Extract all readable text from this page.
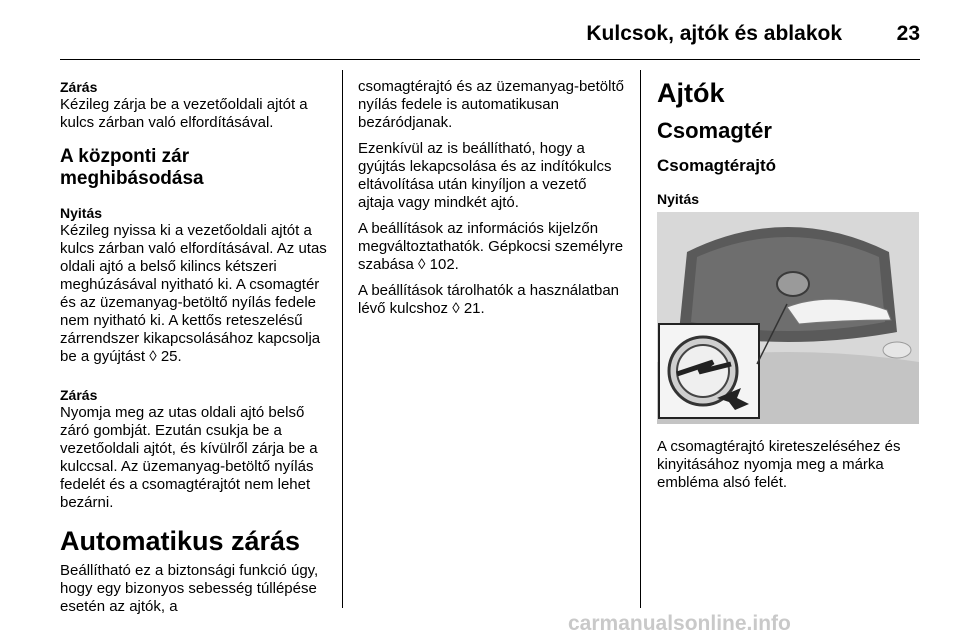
Kulcsok, ajtók és ablakok	23
Zárás

Kézileg zárja be a vezetőoldali ajtót a kulcs zárban való elfordításával.

A központi zár meghibásodása
Nyitás

Kézileg nyissa ki a vezetőoldali ajtót a kulcs zárban való elfordításával. Az utas oldali ajtó a belső kilincs kétszeri meghúzásával nyitható ki. A csomagtér és az üzemanyag-betöltő nyílás fedele nem nyitható ki. A kettős reteszelésű zárrendszer kikapcsolásához kapcsolja be a gyújtást ◊ 25.

Zárás

Nyomja meg az utas oldali ajtó belső záró gombját. Ezután csukja be a vezetőoldali ajtót, és kívülről zárja be a kulccsal. Az üzemanyag-betöltő nyílás fedelét és a csomagtérajtót nem lehet bezárni.

Automatikus zárás

Beállítható ez a biztonsági funkció úgy, hogy egy bizonyos sebesség túllépése esetén az ajtók, a

csomagtérajtó és az üzemanyag-betöltő nyílás fedele is automatikusan bezáródjanak.

Ezenkívül az is beállítható, hogy a gyújtás lekapcsolása és az indítókulcs eltávolítása után kinyíljon a vezető ajtaja vagy mindkét ajtó.

A beállítások az információs kijelzőn megváltoztathatók. Gépkocsi személyre szabása ◊ 102.

A beállítások tárolhatók a használatban lévő kulcshoz ◊ 21.

Ajtók
Csomagtér
Csomagtérajtó
Nyitás

A csomagtérajtó kireteszeléséhez és kinyitásához nyomja meg a márka embléma alsó felét.

carmanualsonline.info
